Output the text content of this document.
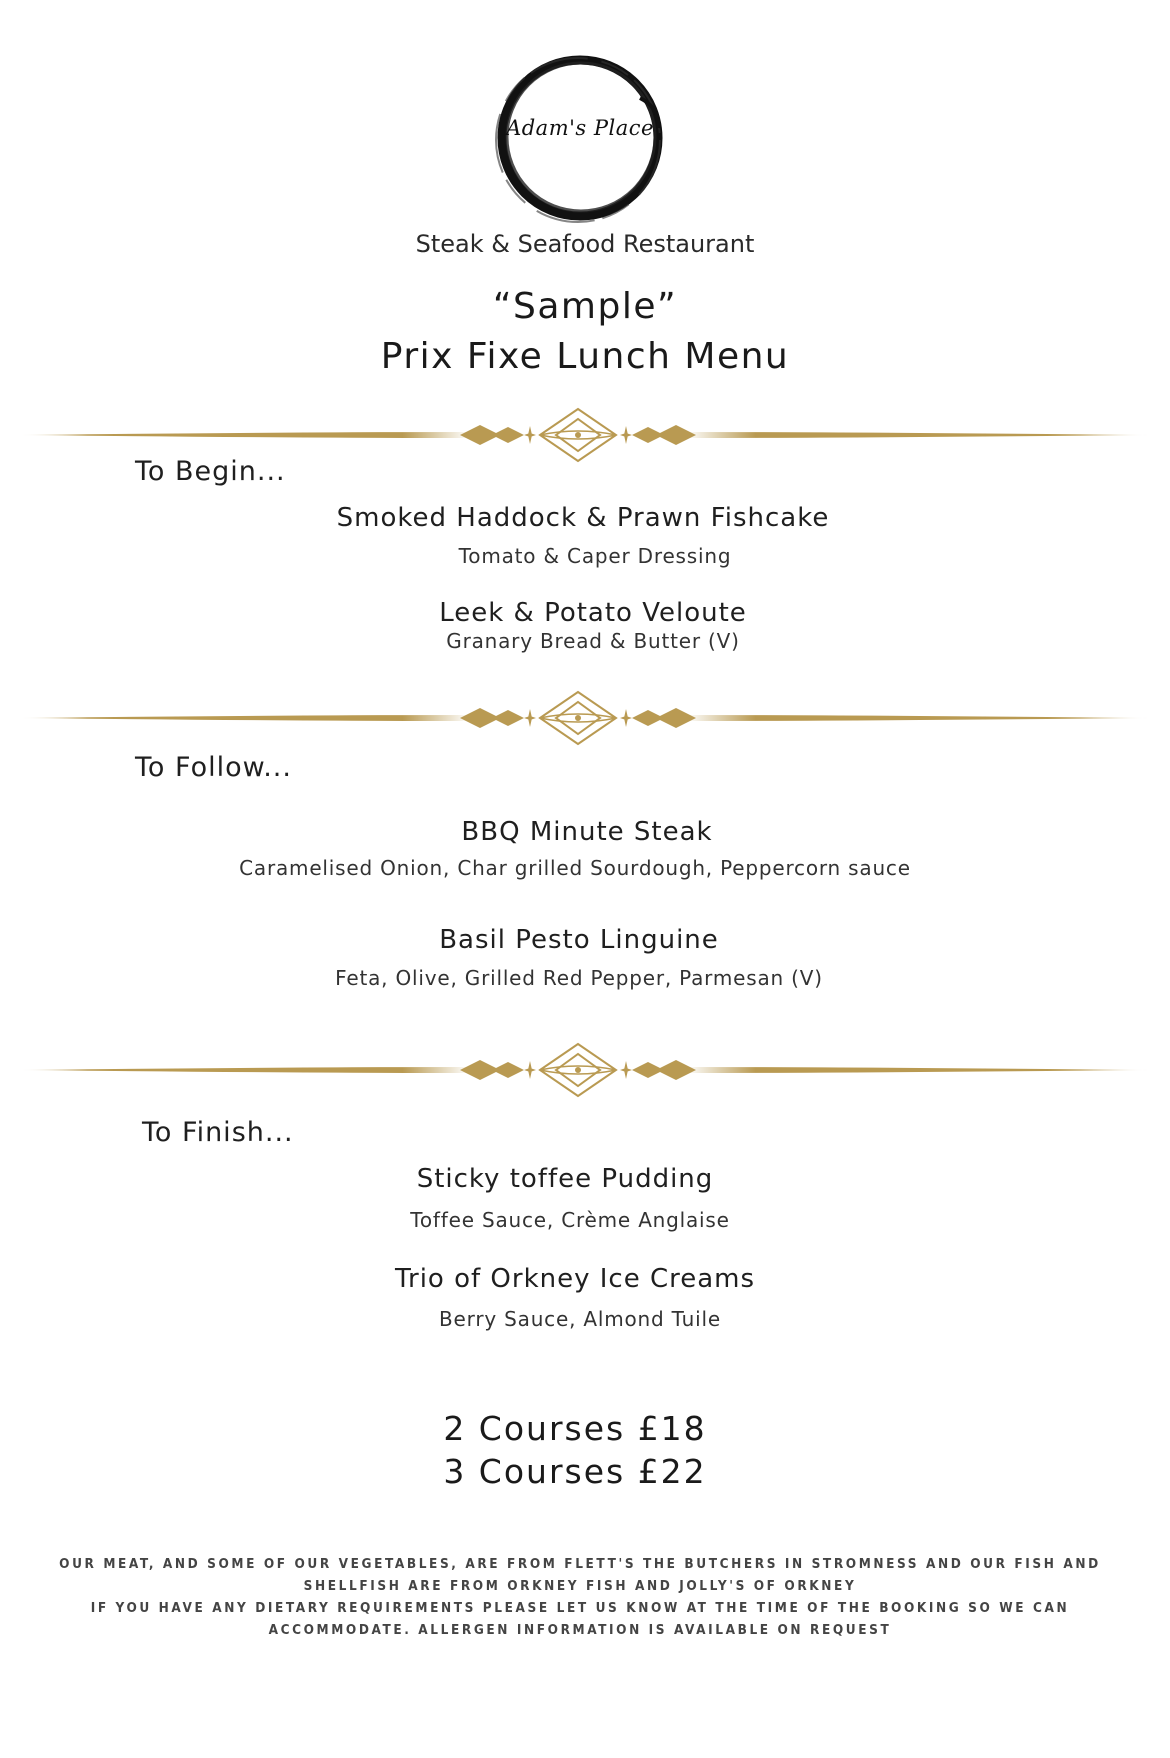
Adam's Place
Steak & Seafood Restaurant
“Sample”
Prix Fixe Lunch Menu
To Begin...
Smoked Haddock & Prawn Fishcake
Tomato & Caper Dressing
Leek & Potato Veloute
Granary Bread & Butter (V)
To Follow...
BBQ Minute Steak
Caramelised Onion, Char grilled Sourdough, Peppercorn sauce
Basil Pesto Linguine
Feta, Olive, Grilled Red Pepper, Parmesan (V)
To Finish...
Sticky toffee Pudding
Toffee Sauce, Crème Anglaise
Trio of Orkney Ice Creams
Berry Sauce, Almond Tuile
2 Courses £18
3 Courses £22
OUR MEAT, AND SOME OF OUR VEGETABLES, ARE FROM FLETT'S THE BUTCHERS IN STROMNESS AND OUR FISH AND
SHELLFISH ARE FROM ORKNEY FISH AND JOLLY'S OF ORKNEY
IF YOU HAVE ANY DIETARY REQUIREMENTS PLEASE LET US KNOW AT THE TIME OF THE BOOKING SO WE CAN
ACCOMMODATE. ALLERGEN INFORMATION IS AVAILABLE ON REQUEST
